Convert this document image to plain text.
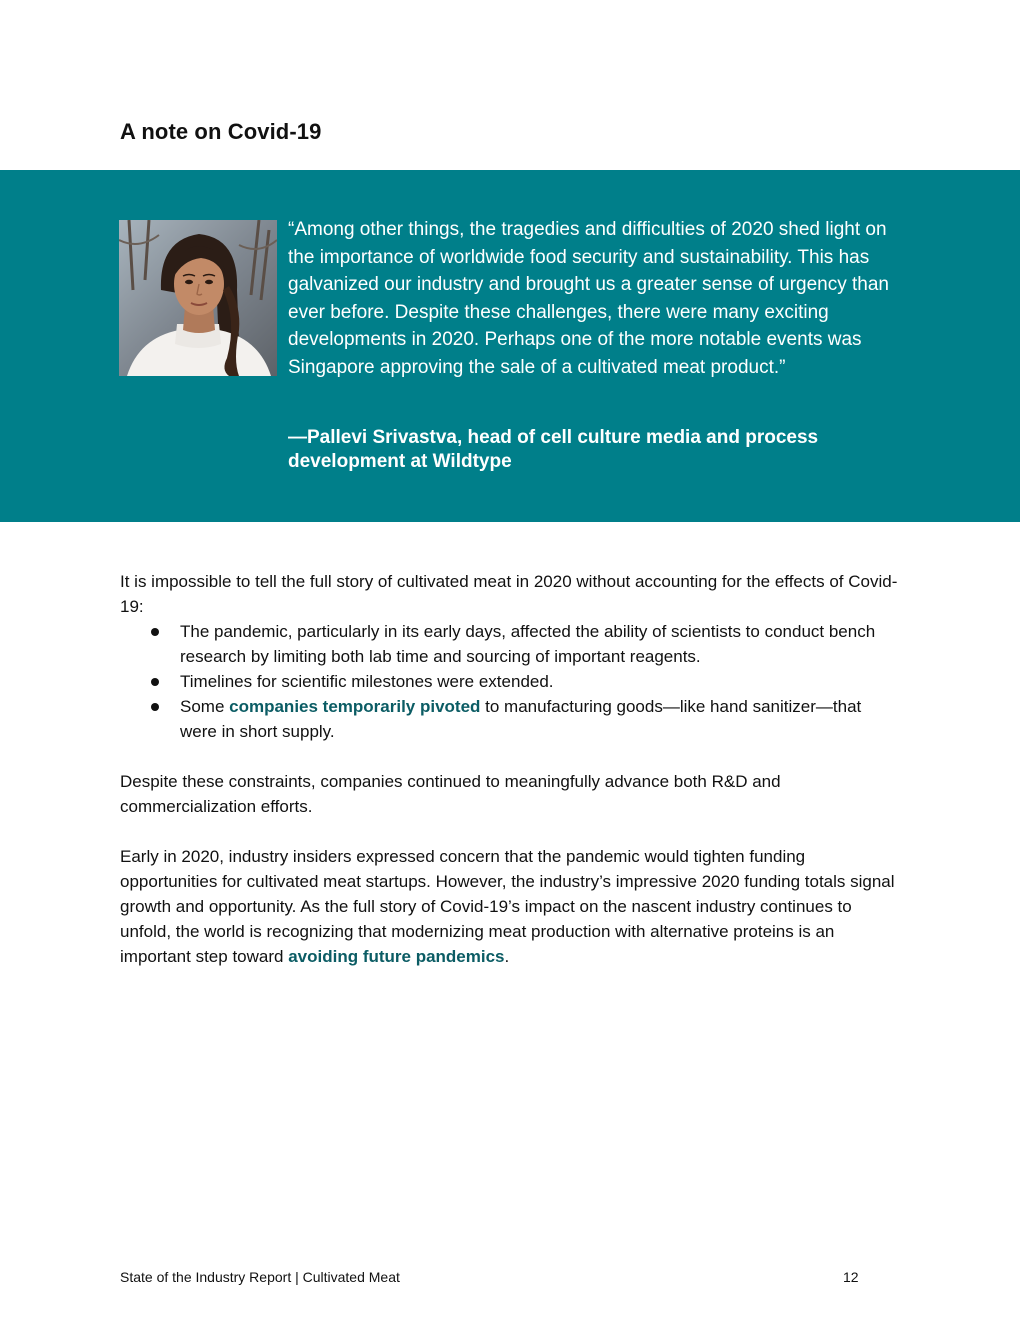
A note on Covid-19

“Among other things, the tragedies and difficulties of 2020 shed light on the importance of worldwide food security and sustainability. This has galvanized our industry and brought us a greater sense of urgency than ever before. Despite these challenges, there were many exciting developments in 2020. Perhaps one of the more notable events was Singapore approving the sale of a cultivated meat product.”

—Pallevi Srivastva, head of cell culture media and process development at Wildtype

It is impossible to tell the full story of cultivated meat in 2020 without accounting for the effects of Covid-19:

The pandemic, particularly in its early days, affected the ability of scientists to conduct bench research by limiting both lab time and sourcing of important reagents.
Timelines for scientific milestones were extended.
Some companies temporarily pivoted to manufacturing goods—like hand sanitizer—that were in short supply.

Despite these constraints, companies continued to meaningfully advance both R&D and commercialization efforts.

Early in 2020, industry insiders expressed concern that the pandemic would tighten funding opportunities for cultivated meat startups. However, the industry’s impressive 2020 funding totals signal growth and opportunity. As the full story of Covid-19’s impact on the nascent industry continues to unfold, the world is recognizing that modernizing meat production with alternative proteins is an important step toward avoiding future pandemics.

State of the Industry Report | Cultivated Meat	12
